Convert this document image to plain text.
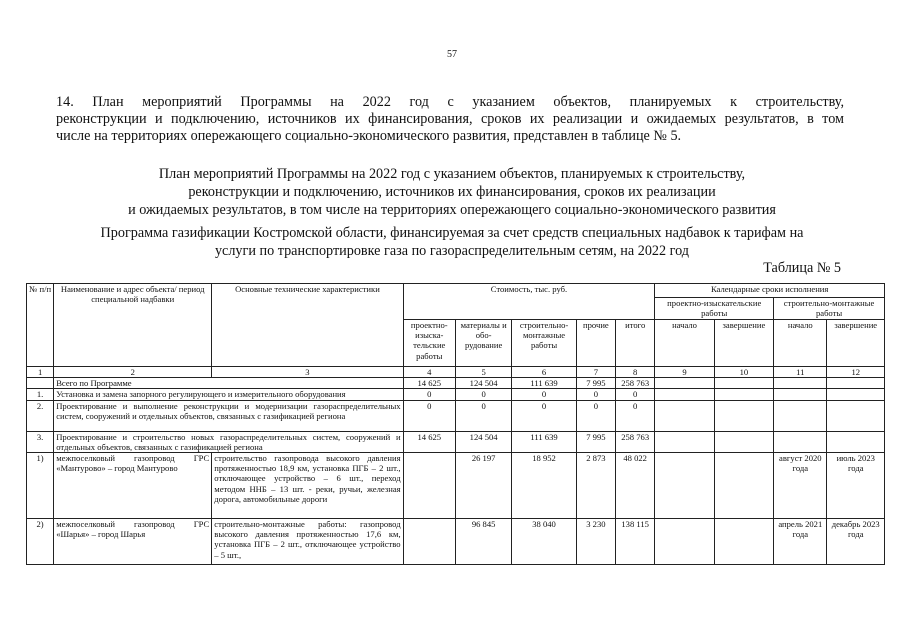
57
14. План мероприятий Программы на 2022 год с указанием объектов, планируемых к строительству,
реконструкции и подключению, источников их финансирования, сроков их реализации и ожидаемых результатов, в том
числе на территориях опережающего социально-экономического развития, представлен в таблице № 5.
План мероприятий Программы на 2022 год с указанием объектов, планируемых к строительству,
реконструкции и подключению, источников их финансирования, сроков их реализации
и ожидаемых результатов, в том числе на территориях опережающего социально-экономического развития
Программа газификации Костромской области, финансируемая за счет средств специальных надбавок к тарифам на
услуги по транспортировке газа по газораспределительным сетям, на 2022 год
Таблица № 5
№ п/п	Наименование и адрес объекта/ период специальной надбавки	Основные технические характеристики	Стоимость, тыс. руб.					Календарные сроки исполнения			
								проектно-изыскательские работы		строительно-монтажные работы	
			проектно-изыска-тельские работы	материалы и обо-рудование	строительно-монтажные работы	прочие	итого	начало	завершение	начало	завершение
1	2	3	4	5	6	7	8	9	10	11	12
	Всего по Программе		14 625	124 504	111 639	7 995	258 763				
1.	Установка и замена запорного регулирующего и измерительного оборудования		0	0	0	0	0				
2.	Проектирование и выполнение реконструкции и модернизации газораспределительных систем, сооружений и отдельных объектов, связанных с газификацией региона		0	0	0	0	0				
3.	Проектирование и строительство новых газораспределительных систем, сооружений и отдельных объектов, связанных с газификацией региона		14 625	124 504	111 639	7 995	258 763				
1)	межпоселковый газопровод ГРС «Мантурово» – город Мантурово	строительство газопровода высокого давления протяженностью 18,9 км, установка ПГБ – 2 шт., отключающее устройство – 6 шт., переход методом ННБ – 13 шт. - реки, ручьи, железная дорога, автомобильные дороги		26 197	18 952	2 873	48 022			август 2020 года	июль 2023 года
2)	межпоселковый газопровод ГРС «Шарья» – город Шарья	строительно-монтажные работы: газопровод высокого давления протяженностью 17,6 км, установка ПГБ – 2 шт., отключающее устройство – 5 шт.,		96 845	38 040	3 230	138 115			апрель 2021 года	декабрь 2023 года
